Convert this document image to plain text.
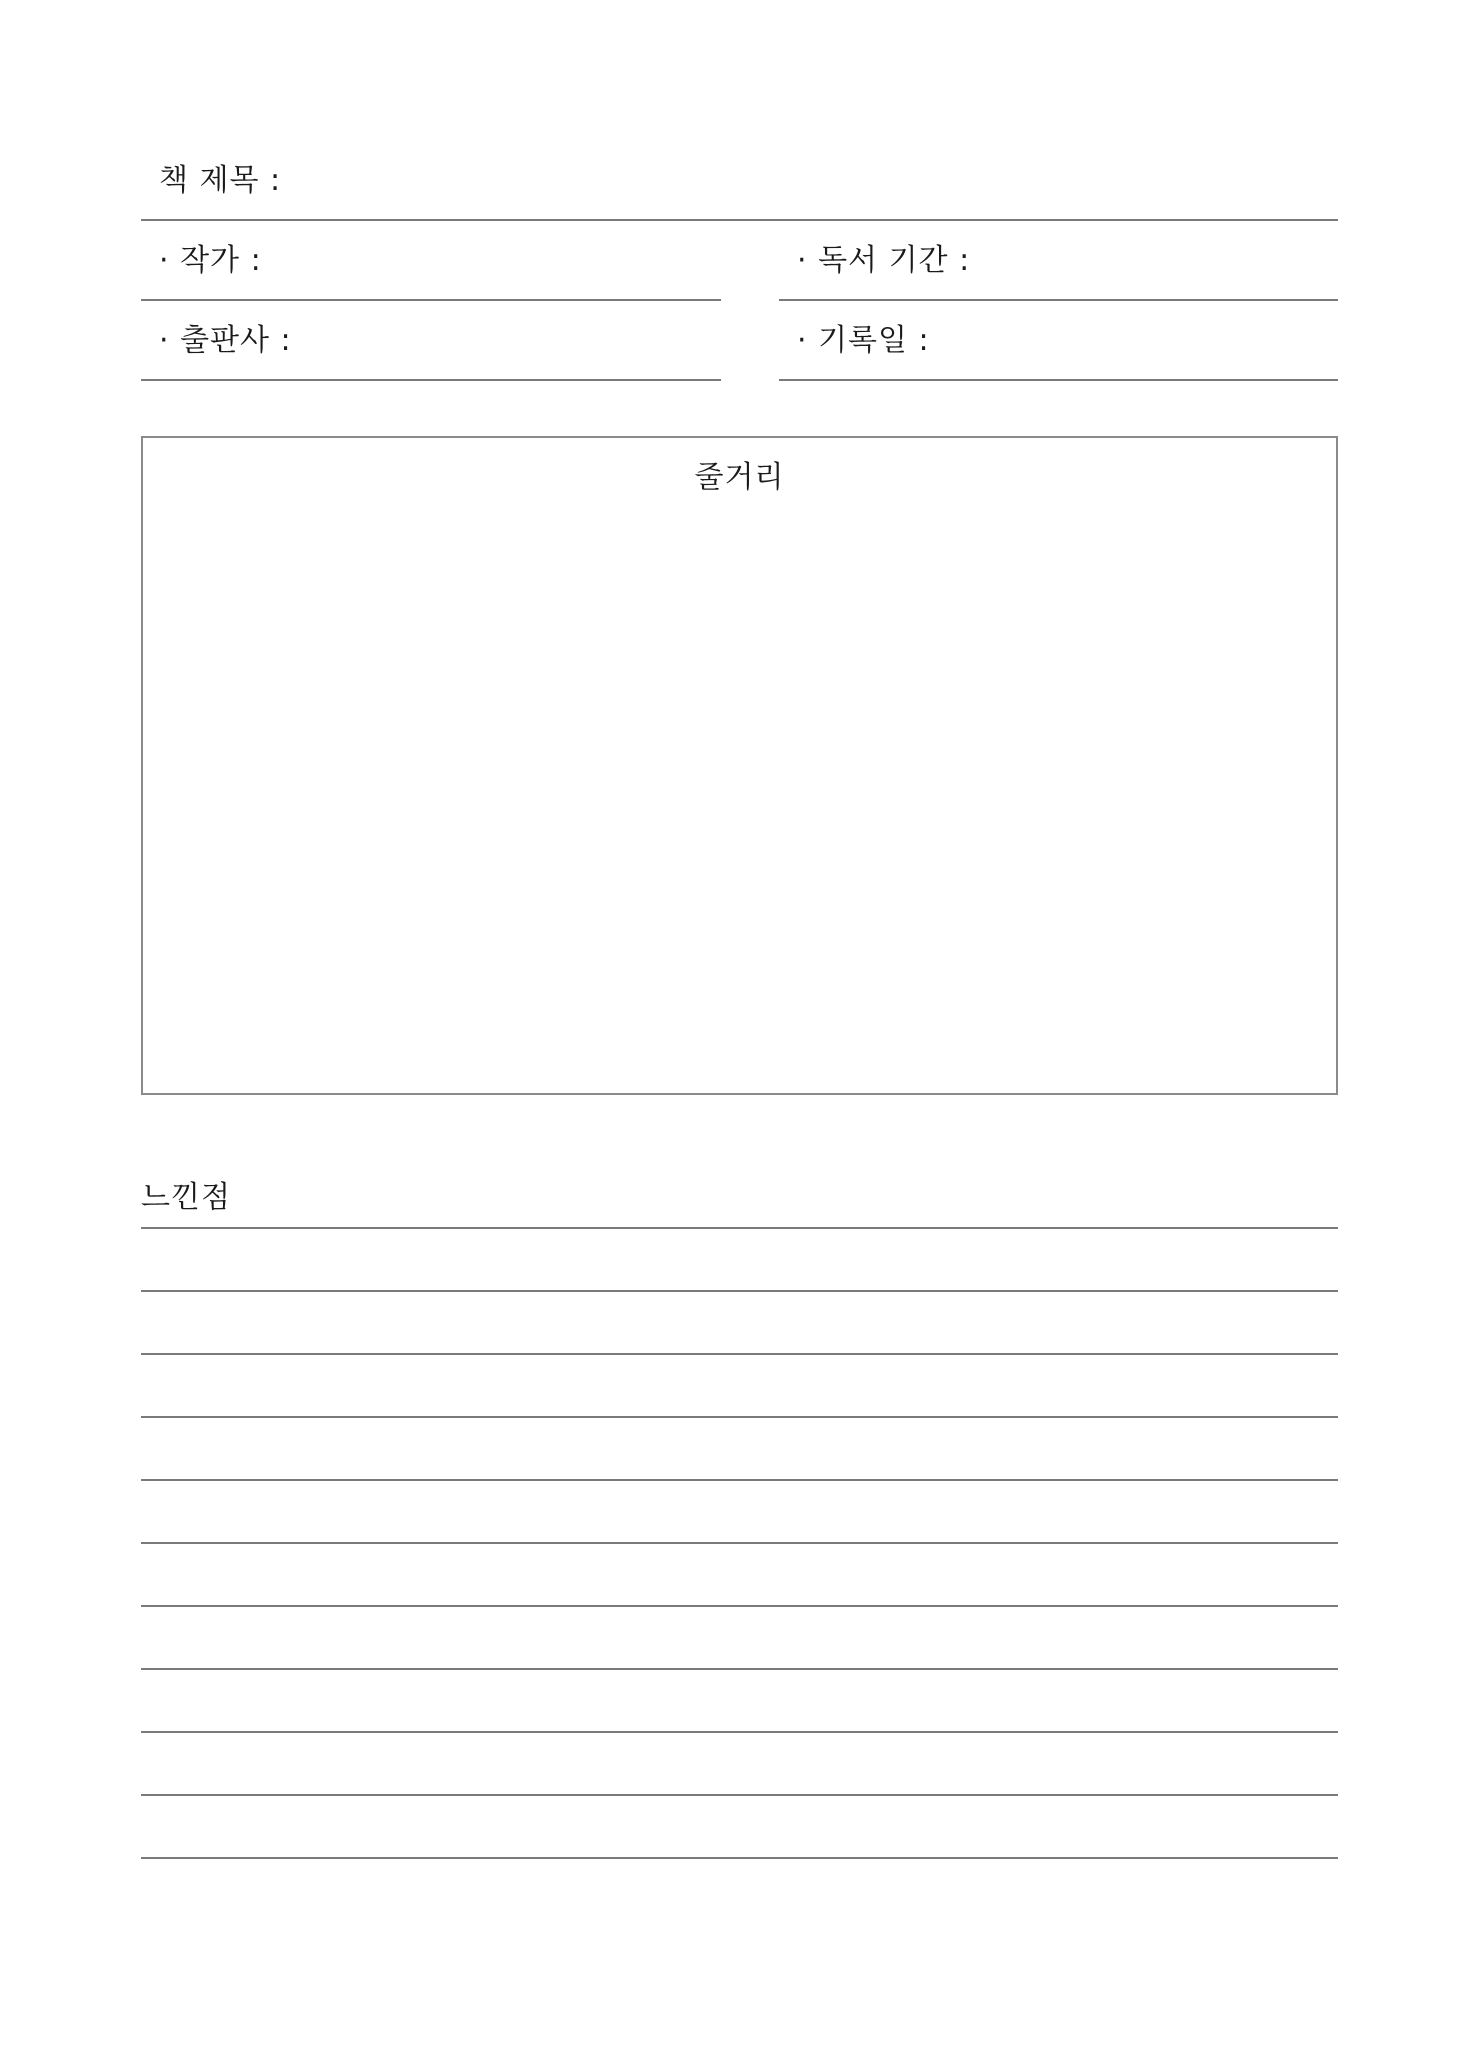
책 제목 :
· 작가 :	· 독서 기간 :
· 출판사 :	· 기록일 :
줄거리
느낀점
